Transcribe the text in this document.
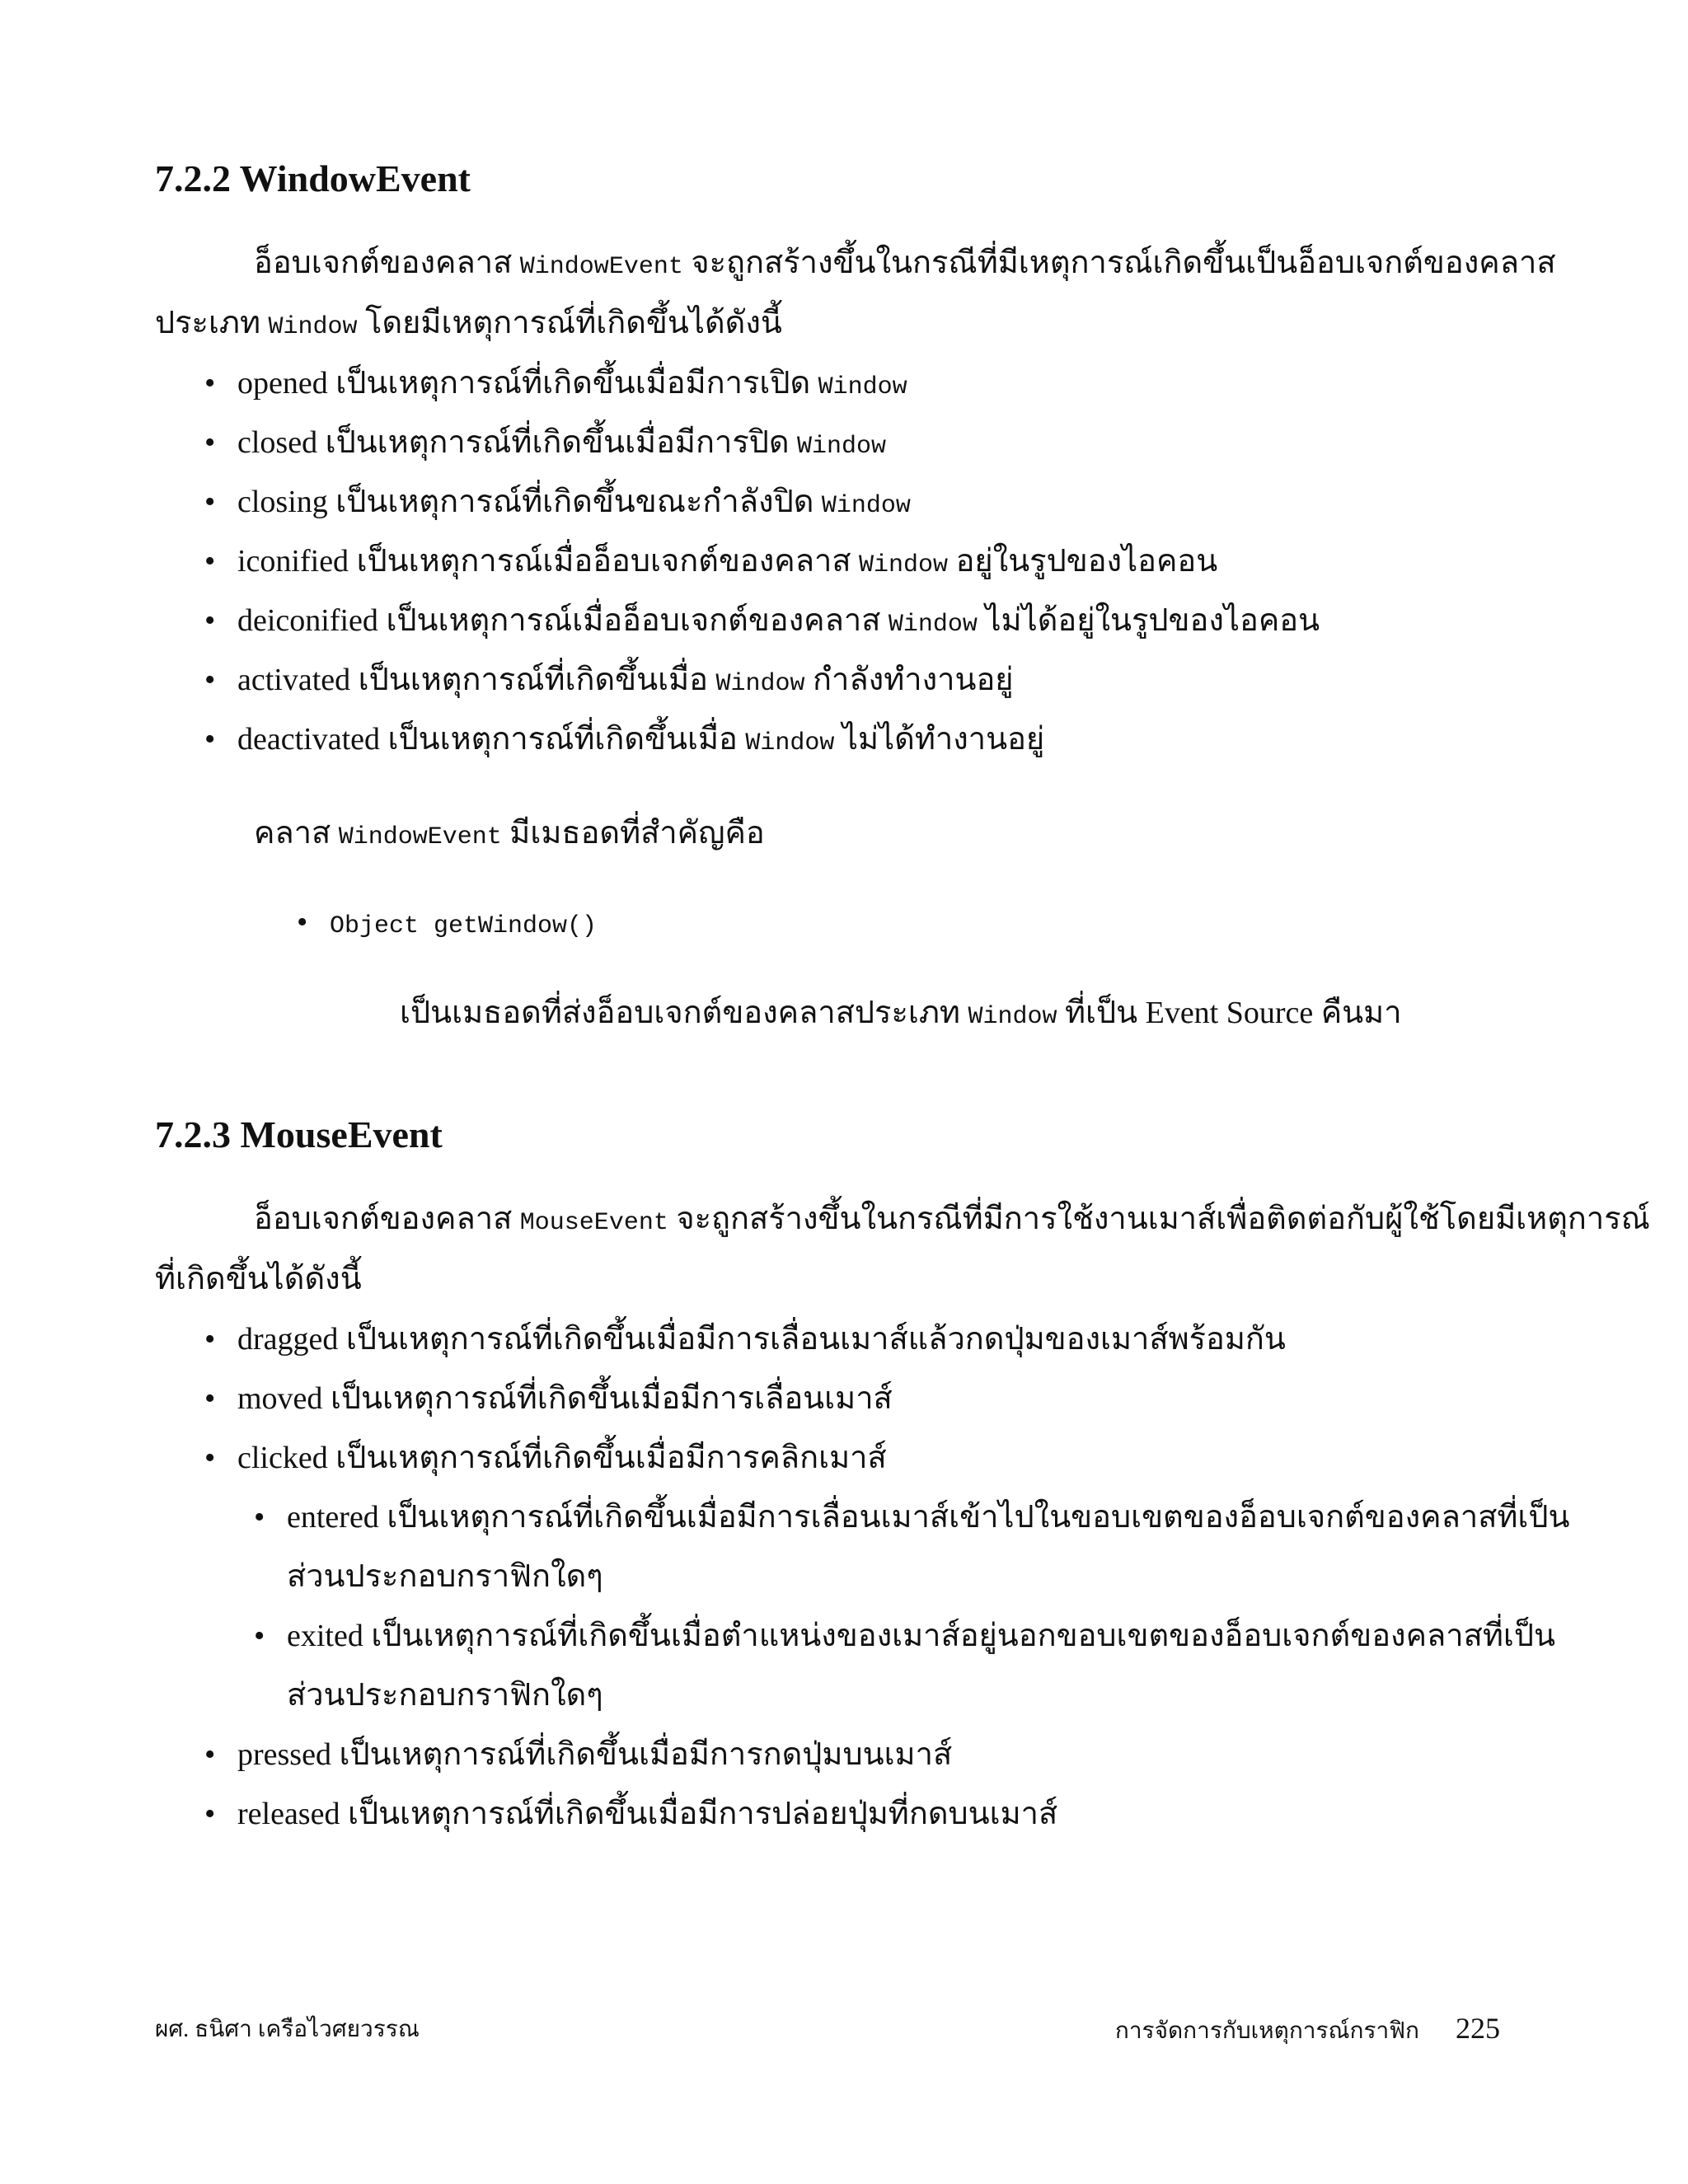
7.2.2 WindowEvent
อ็อบเจกต์ของคลาส WindowEvent จะถูกสร้างขึ้นในกรณีที่มีเหตุการณ์เกิดขึ้นเป็นอ็อบเจกต์ของคลาส
ประเภท Window โดยมีเหตุการณ์ที่เกิดขึ้นได้ดังนี้
• opened เป็นเหตุการณ์ที่เกิดขึ้นเมื่อมีการเปิด Window
• closed เป็นเหตุการณ์ที่เกิดขึ้นเมื่อมีการปิด Window
• closing เป็นเหตุการณ์ที่เกิดขึ้นขณะกำลังปิด Window
• iconified เป็นเหตุการณ์เมื่ออ็อบเจกต์ของคลาส Window อยู่ในรูปของไอคอน
• deiconified เป็นเหตุการณ์เมื่ออ็อบเจกต์ของคลาส Window ไม่ได้อยู่ในรูปของไอคอน
• activated เป็นเหตุการณ์ที่เกิดขึ้นเมื่อ Window กำลังทำงานอยู่
• deactivated เป็นเหตุการณ์ที่เกิดขึ้นเมื่อ Window ไม่ได้ทำงานอยู่
คลาส WindowEvent มีเมธอดที่สำคัญคือ
• Object getWindow()
เป็นเมธอดที่ส่งอ็อบเจกต์ของคลาสประเภท Window ที่เป็น Event Source คืนมา
7.2.3 MouseEvent
อ็อบเจกต์ของคลาส MouseEvent จะถูกสร้างขึ้นในกรณีที่มีการใช้งานเมาส์เพื่อติดต่อกับผู้ใช้โดยมีเหตุการณ์
ที่เกิดขึ้นได้ดังนี้
• dragged เป็นเหตุการณ์ที่เกิดขึ้นเมื่อมีการเลื่อนเมาส์แล้วกดปุ่มของเมาส์พร้อมกัน
• moved เป็นเหตุการณ์ที่เกิดขึ้นเมื่อมีการเลื่อนเมาส์
• clicked เป็นเหตุการณ์ที่เกิดขึ้นเมื่อมีการคลิกเมาส์
• entered เป็นเหตุการณ์ที่เกิดขึ้นเมื่อมีการเลื่อนเมาส์เข้าไปในขอบเขตของอ็อบเจกต์ของคลาสที่เป็น
ส่วนประกอบกราฟิกใดๆ
• exited เป็นเหตุการณ์ที่เกิดขึ้นเมื่อตำแหน่งของเมาส์อยู่นอกขอบเขตของอ็อบเจกต์ของคลาสที่เป็น
ส่วนประกอบกราฟิกใดๆ
• pressed เป็นเหตุการณ์ที่เกิดขึ้นเมื่อมีการกดปุ่มบนเมาส์
• released เป็นเหตุการณ์ที่เกิดขึ้นเมื่อมีการปล่อยปุ่มที่กดบนเมาส์
ผศ. ธนิศา เครือไวศยวรรณ	การจัดการกับเหตุการณ์กราฟิก 225
